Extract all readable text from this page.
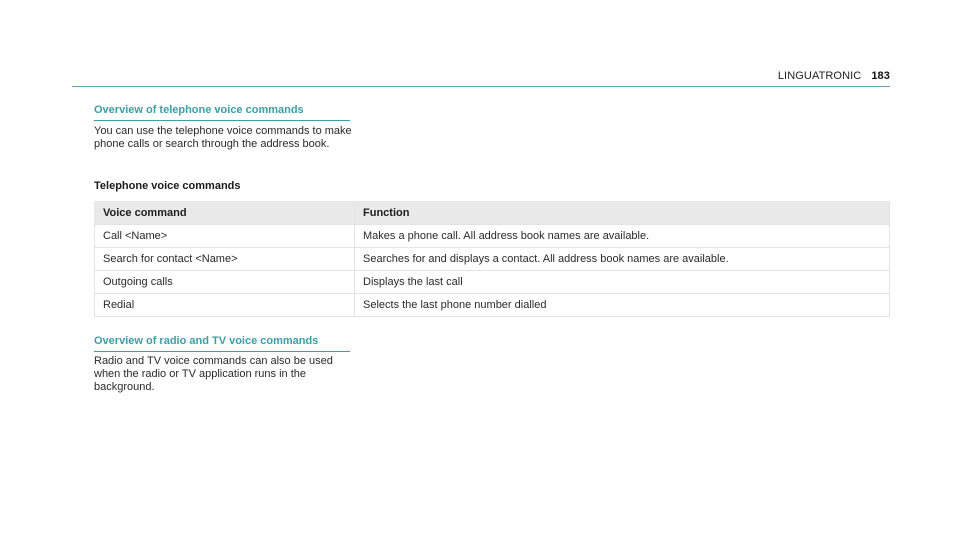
LINGUATRONIC 183
Overview of telephone voice commands
You can use the telephone voice commands to make phone calls or search through the address book.
Telephone voice commands
Voice command	Function
Call <Name>	Makes a phone call. All address book names are available.
Search for contact <Name>	Searches for and displays a contact. All address book names are available.
Outgoing calls	Displays the last call
Redial	Selects the last phone number dialled
Overview of radio and TV voice commands
Radio and TV voice commands can also be used when the radio or TV application runs in the background.
